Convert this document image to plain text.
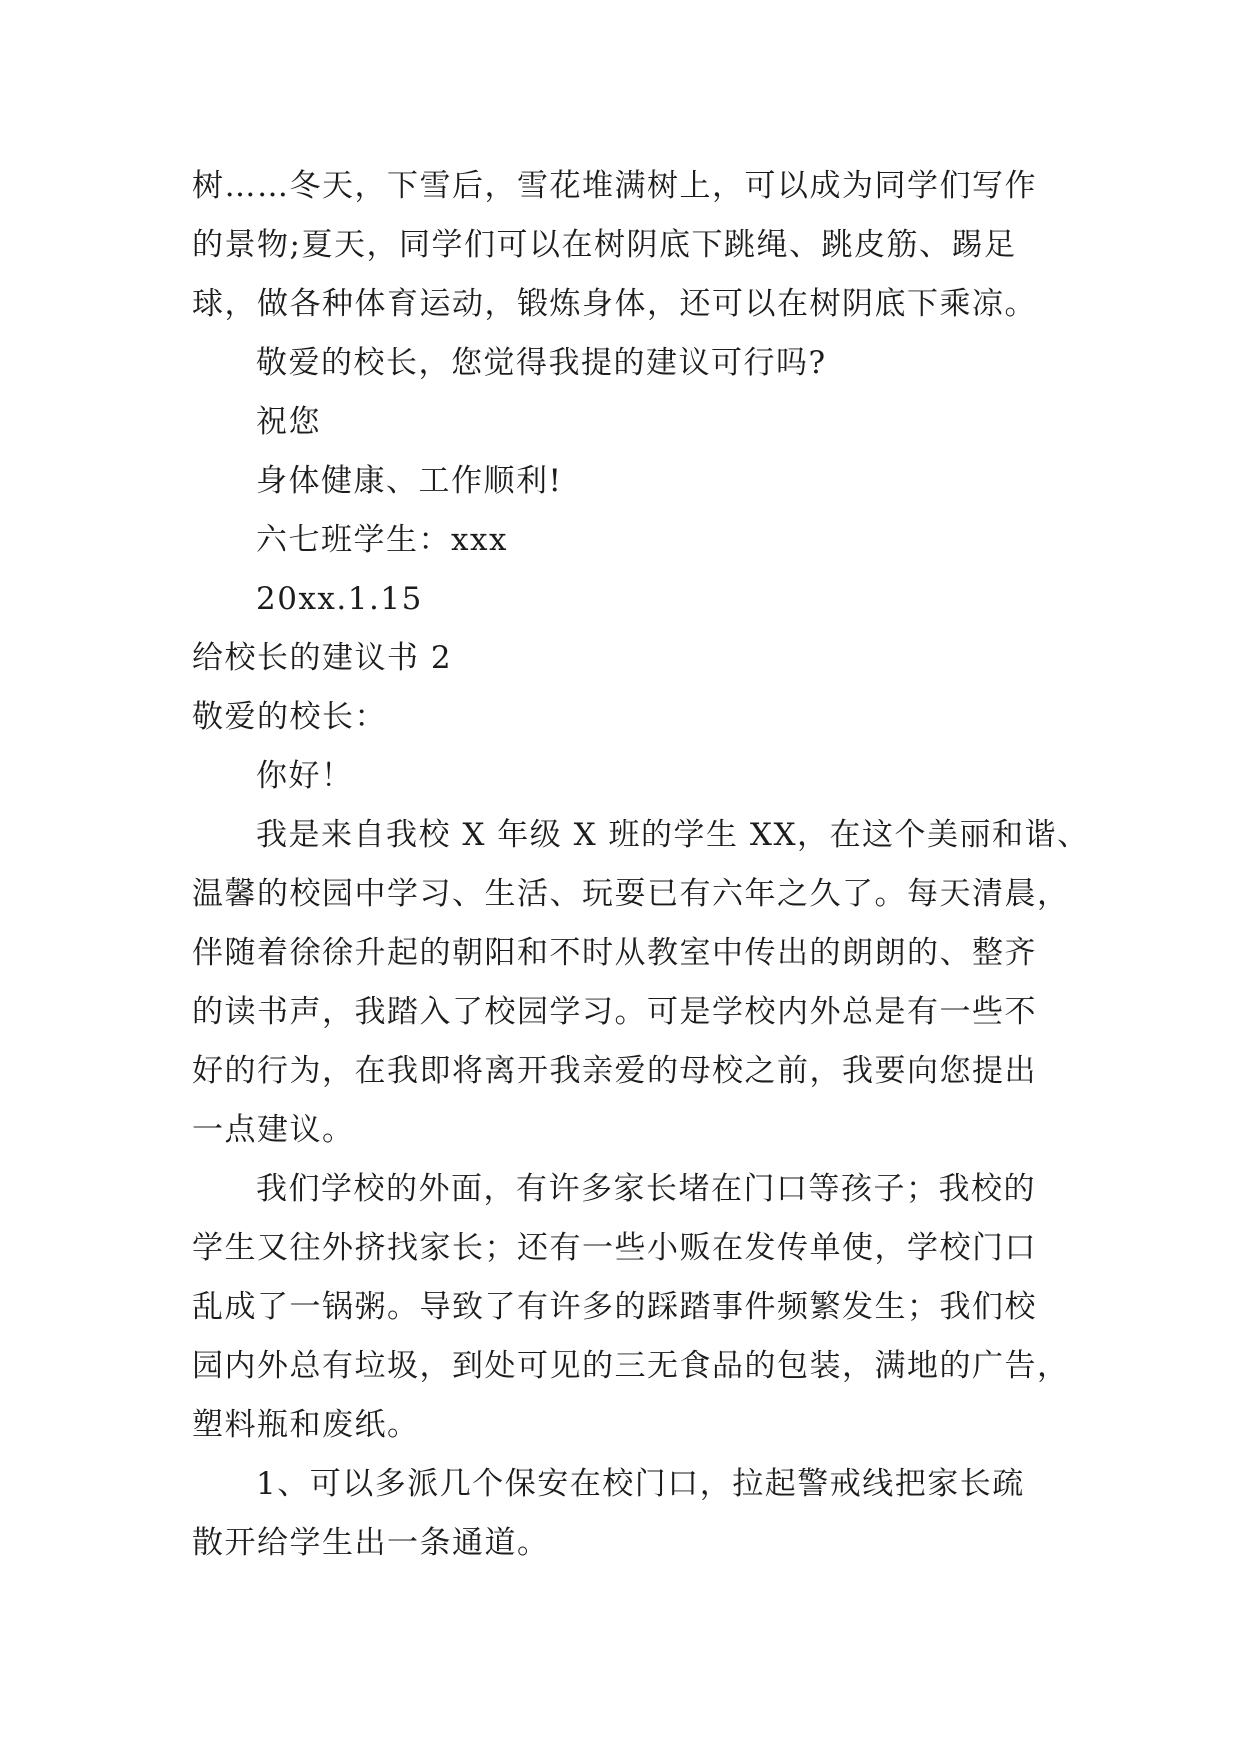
树……冬天，下雪后，雪花堆满树上，可以成为同学们写作

的景物;夏天，同学们可以在树阴底下跳绳、跳皮筋、踢足

球，做各种体育运动，锻炼身体，还可以在树阴底下乘凉。

敬爱的校长，您觉得我提的建议可行吗?

祝您

身体健康、工作顺利!

六七班学生：xxx

20xx.1.15

给校长的建议书 2

敬爱的校长：

你好！

我是来自我校 X 年级 X 班的学生 XX，在这个美丽和谐、

温馨的校园中学习、生活、玩耍已有六年之久了。每天清晨，

伴随着徐徐升起的朝阳和不时从教室中传出的朗朗的、整齐

的读书声，我踏入了校园学习。可是学校内外总是有一些不

好的行为，在我即将离开我亲爱的母校之前，我要向您提出

一点建议。

我们学校的外面，有许多家长堵在门口等孩子；我校的

学生又往外挤找家长；还有一些小贩在发传单使，学校门口

乱成了一锅粥。导致了有许多的踩踏事件频繁发生；我们校

园内外总有垃圾，到处可见的三无食品的包装，满地的广告，

塑料瓶和废纸。

1、可以多派几个保安在校门口，拉起警戒线把家长疏

散开给学生出一条通道。
